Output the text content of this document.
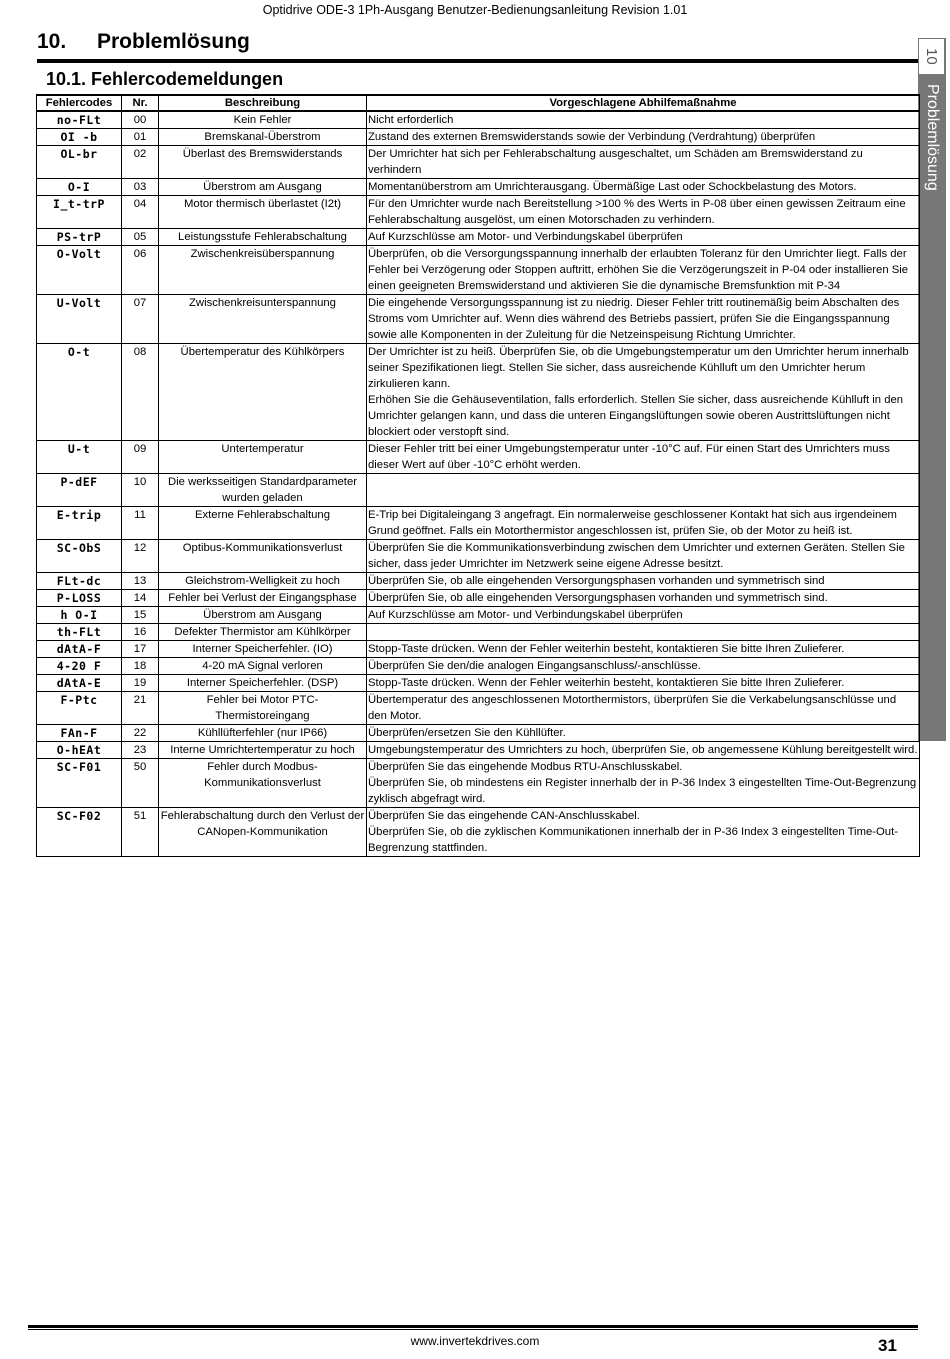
Optidrive ODE-3 1Ph-Ausgang Benutzer-Bedienungsanleitung Revision 1.01
10. Problemlösung
10.1. Fehlercodemeldungen
10
Problemlösung
Fehlercodes	Nr.	Beschreibung	Vorgeschlagene Abhilfemaßnahme
no-FLt	00	Kein Fehler	Nicht erforderlich
OI -b	01	Bremskanal-Überstrom	Zustand des externen Bremswiderstands sowie der Verbindung (Verdrahtung) überprüfen
OL-br	02	Überlast des Bremswiderstands	Der Umrichter hat sich per Fehlerabschaltung ausgeschaltet, um Schäden am Bremswiderstand zu verhindern
O-I	03	Überstrom am Ausgang	Momentanüberstrom am Umrichterausgang. Übermäßige Last oder Schockbelastung des Motors.
I_t-trP	04	Motor thermisch überlastet (I2t)	Für den Umrichter wurde nach Bereitstellung >100 % des Werts in P-08 über einen gewissen Zeitraum eine Fehlerabschaltung ausgelöst, um einen Motorschaden zu verhindern.
PS-trP	05	Leistungsstufe Fehlerabschaltung	Auf Kurzschlüsse am Motor- und Verbindungskabel überprüfen
O-Volt	06	Zwischenkreisüberspannung	Überprüfen, ob die Versorgungsspannung innerhalb der erlaubten Toleranz für den Umrichter liegt. Falls der Fehler bei Verzögerung oder Stoppen auftritt, erhöhen Sie die Verzögerungszeit in P-04 oder installieren Sie einen geeigneten Bremswiderstand und aktivieren Sie die dynamische Bremsfunktion mit P-34
U-Volt	07	Zwischenkreisunterspannung	Die eingehende Versorgungsspannung ist zu niedrig. Dieser Fehler tritt routinemäßig beim Abschalten des Stroms vom Umrichter auf. Wenn dies während des Betriebs passiert, prüfen Sie die Eingangsspannung sowie alle Komponenten in der Zuleitung für die Netzeinspeisung Richtung Umrichter.
O-t	08	Übertemperatur des Kühlkörpers	Der Umrichter ist zu heiß. Überprüfen Sie, ob die Umgebungstemperatur um den Umrichter herum innerhalb seiner Spezifikationen liegt. Stellen Sie sicher, dass ausreichende Kühlluft um den Umrichter herum zirkulieren kann.
Erhöhen Sie die Gehäuseventilation, falls erforderlich. Stellen Sie sicher, dass ausreichende Kühlluft in den Umrichter gelangen kann, und dass die unteren Eingangslüftungen sowie oberen Austrittslüftungen nicht blockiert oder verstopft sind.
U-t	09	Untertemperatur	Dieser Fehler tritt bei einer Umgebungstemperatur unter -10°C auf. Für einen Start des Umrichters muss dieser Wert auf über -10°C erhöht werden.
P-dEF	10	Die werksseitigen Standardparameter wurden geladen	
E-trip	11	Externe Fehlerabschaltung	E-Trip bei Digitaleingang 3 angefragt. Ein normalerweise geschlossener Kontakt hat sich aus irgendeinem Grund geöffnet. Falls ein Motorthermistor angeschlossen ist, prüfen Sie, ob der Motor zu heiß ist.
SC-ObS	12	Optibus-Kommunikationsverlust	Überprüfen Sie die Kommunikationsverbindung zwischen dem Umrichter und externen Geräten. Stellen Sie sicher, dass jeder Umrichter im Netzwerk seine eigene Adresse besitzt.
FLt-dc	13	Gleichstrom-Welligkeit zu hoch	Überprüfen Sie, ob alle eingehenden Versorgungsphasen vorhanden und symmetrisch sind
P-LOSS	14	Fehler bei Verlust der Eingangsphase	Überprüfen Sie, ob alle eingehenden Versorgungsphasen vorhanden und symmetrisch sind.
h O-I	15	Überstrom am Ausgang	Auf Kurzschlüsse am Motor- und Verbindungskabel überprüfen
th-FLt	16	Defekter Thermistor am Kühlkörper	
dAtA-F	17	Interner Speicherfehler. (IO)	Stopp-Taste drücken. Wenn der Fehler weiterhin besteht, kontaktieren Sie bitte Ihren Zulieferer.
4-20 F	18	4-20 mA Signal verloren	Überprüfen Sie den/die analogen Eingangsanschluss/-anschlüsse.
dAtA-E	19	Interner Speicherfehler. (DSP)	Stopp-Taste drücken. Wenn der Fehler weiterhin besteht, kontaktieren Sie bitte Ihren Zulieferer.
F-Ptc	21	Fehler bei Motor PTC-Thermistoreingang	Übertemperatur des angeschlossenen Motorthermistors, überprüfen Sie die Verkabelungsanschlüsse und den Motor.
FAn-F	22	Kühllüfterfehler (nur IP66)	Überprüfen/ersetzen Sie den Kühllüfter.
O-hEAt	23	Interne Umrichtertemperatur zu hoch	Umgebungstemperatur des Umrichters zu hoch, überprüfen Sie, ob angemessene Kühlung bereitgestellt wird.
SC-F01	50	Fehler durch Modbus-Kommunikationsverlust	Überprüfen Sie das eingehende Modbus RTU-Anschlusskabel.
Überprüfen Sie, ob mindestens ein Register innerhalb der in P-36 Index 3 eingestellten Time-Out-Begrenzung zyklisch abgefragt wird.
SC-F02	51	Fehlerabschaltung durch den Verlust der CANopen-Kommunikation	Überprüfen Sie das eingehende CAN-Anschlusskabel.
Überprüfen Sie, ob die zyklischen Kommunikationen innerhalb der in P-36 Index 3 eingestellten Time-Out-Begrenzung stattfinden.
www.invertekdrives.com	31
